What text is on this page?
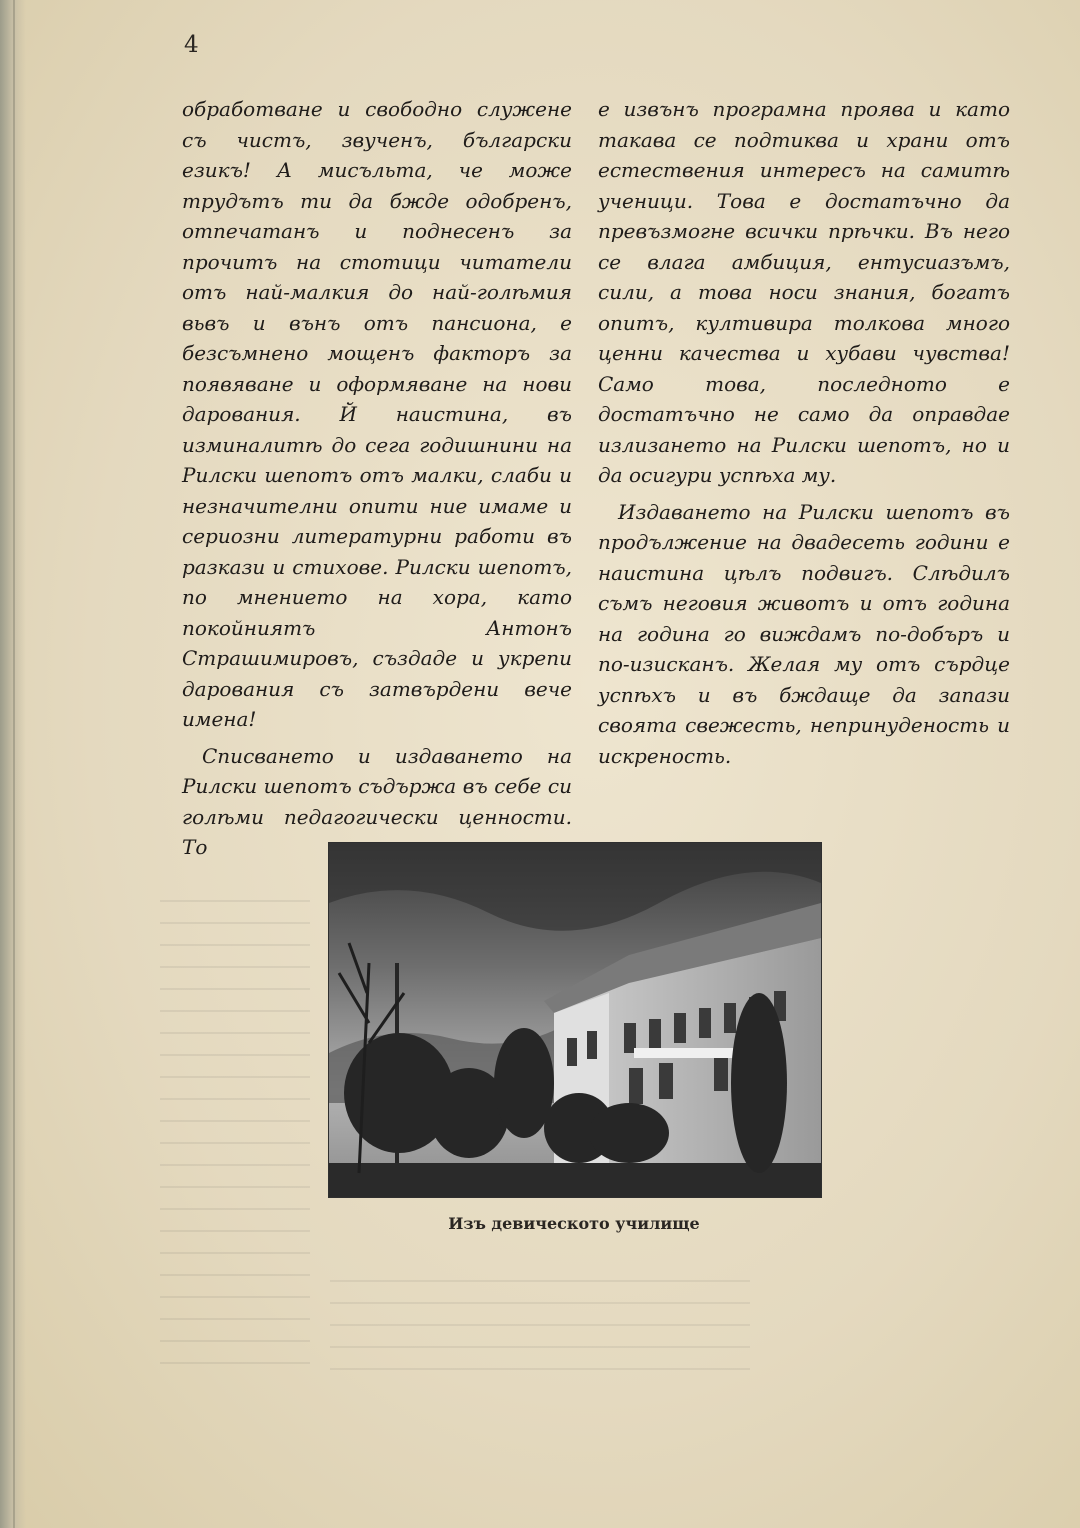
4

обработване и свободно служене съ чистъ, звученъ, български езикъ! А мисъльта, че може трудътъ ти да бжде одобренъ, отпечатанъ и поднесенъ за прочитъ на стотици читатели отъ най-малкия до най-голѣмия вьвъ и вънъ отъ пансиона, е безсъмнено мощенъ факторъ за появяване и оформяване на нови дарования. Й наистина, въ изминалитѣ до сега годишнини на Рилски шепотъ отъ малки, слаби и незначителни опити ние имаме и сериозни литературни работи въ разкази и стихове. Рилски шепотъ, по мнението на хора, като покойниятъ Антонъ Страшимировъ, създаде и укрепи дарования съ затвърдени вече имена!

Списването и издаването на Рилски шепотъ съдържа въ себе си голѣми педагогически ценности. То

е извънъ програмна проява и като такава се подтиква и храни отъ естествения интересъ на самитѣ ученици. Това е достатъчно да превъзмогне всички прѣчки. Въ него се влага амбиция, ентусиазъмъ, сили, а това носи знания, богатъ опитъ, култивира толкова много ценни качества и хубави чувства! Само това, последното е достатъчно не само да оправдае излизането на Рилски шепотъ, но и да осигури успѣха му.

Издаването на Рилски шепотъ въ продължение на двадесеть години е наистина цѣлъ подвигъ. Слѣдилъ съмъ неговия животъ и отъ година на година го виждамъ по-добъръ и по-изисканъ. Желая му отъ сърдце успѣхъ и въ бждаще да запази своята свежесть, непринуденость и искреность.

Изъ девическото училище
